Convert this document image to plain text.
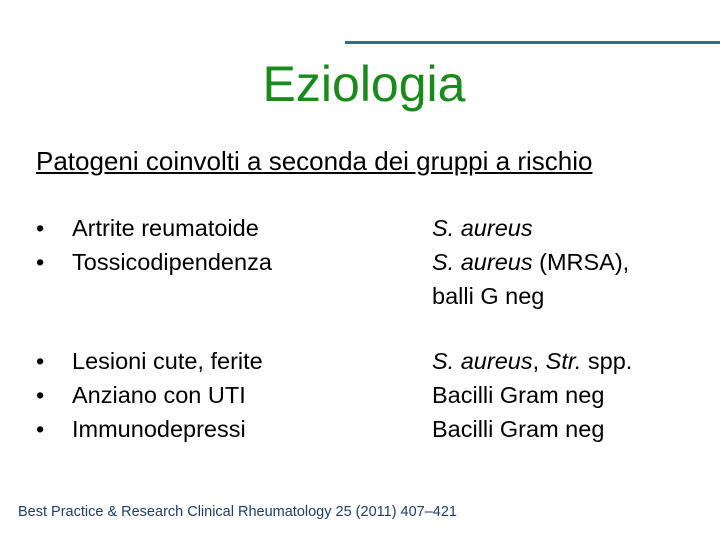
Eziologia
Patogeni coinvolti a seconda dei gruppi a rischio
• Artrite reumatoide
• Tossicodipendenza
S. aureus
S. aureus (MRSA),
balli G neg
• Lesioni cute, ferite
• Anziano con UTI
• Immunodepressi
S. aureus, Str. spp.
Bacilli Gram neg
Bacilli Gram neg
Best Practice & Research Clinical Rheumatology 25 (2011) 407–421
